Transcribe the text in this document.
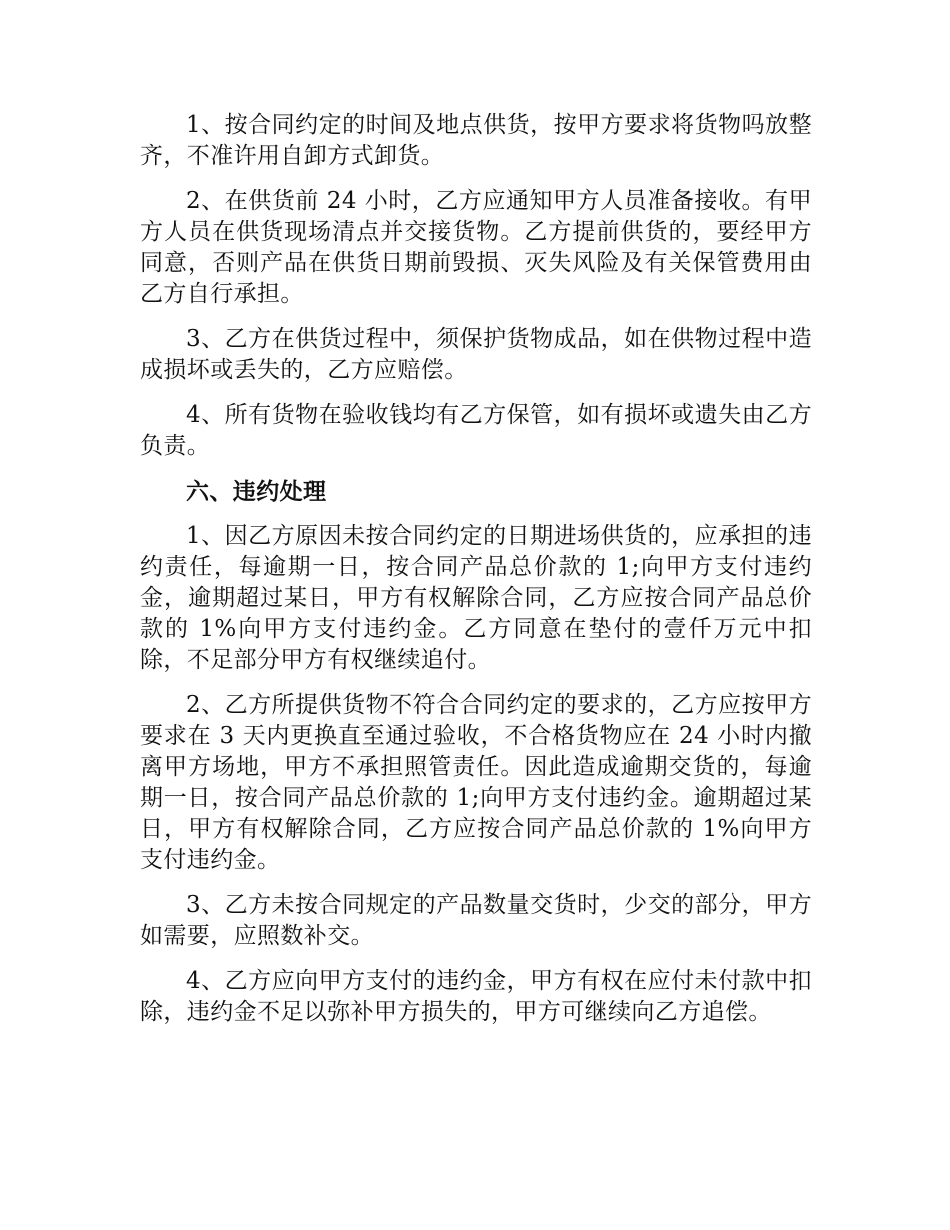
1、按合同约定的时间及地点供货，按甲方要求将货物吗放整齐，不准许用自卸方式卸货。

2、在供货前 24 小时，乙方应通知甲方人员准备接收。有甲方人员在供货现场清点并交接货物。乙方提前供货的，要经甲方同意，否则产品在供货日期前毁损、灭失风险及有关保管费用由乙方自行承担。

3、乙方在供货过程中，须保护货物成品，如在供物过程中造成损坏或丢失的，乙方应赔偿。

4、所有货物在验收钱均有乙方保管，如有损坏或遗失由乙方负责。

六、违约处理

1、因乙方原因未按合同约定的日期进场供货的，应承担的违约责任，每逾期一日，按合同产品总价款的 1;向甲方支付违约金，逾期超过某日，甲方有权解除合同，乙方应按合同产品总价款的 1%向甲方支付违约金。乙方同意在垫付的壹仟万元中扣除，不足部分甲方有权继续追付。

2、乙方所提供货物不符合合同约定的要求的，乙方应按甲方要求在 3 天内更换直至通过验收，不合格货物应在 24 小时内撤离甲方场地，甲方不承担照管责任。因此造成逾期交货的，每逾期一日，按合同产品总价款的 1;向甲方支付违约金。逾期超过某日，甲方有权解除合同，乙方应按合同产品总价款的 1%向甲方支付违约金。

3、乙方未按合同规定的产品数量交货时，少交的部分，甲方如需要，应照数补交。

4、乙方应向甲方支付的违约金，甲方有权在应付未付款中扣除，违约金不足以弥补甲方损失的，甲方可继续向乙方追偿。
